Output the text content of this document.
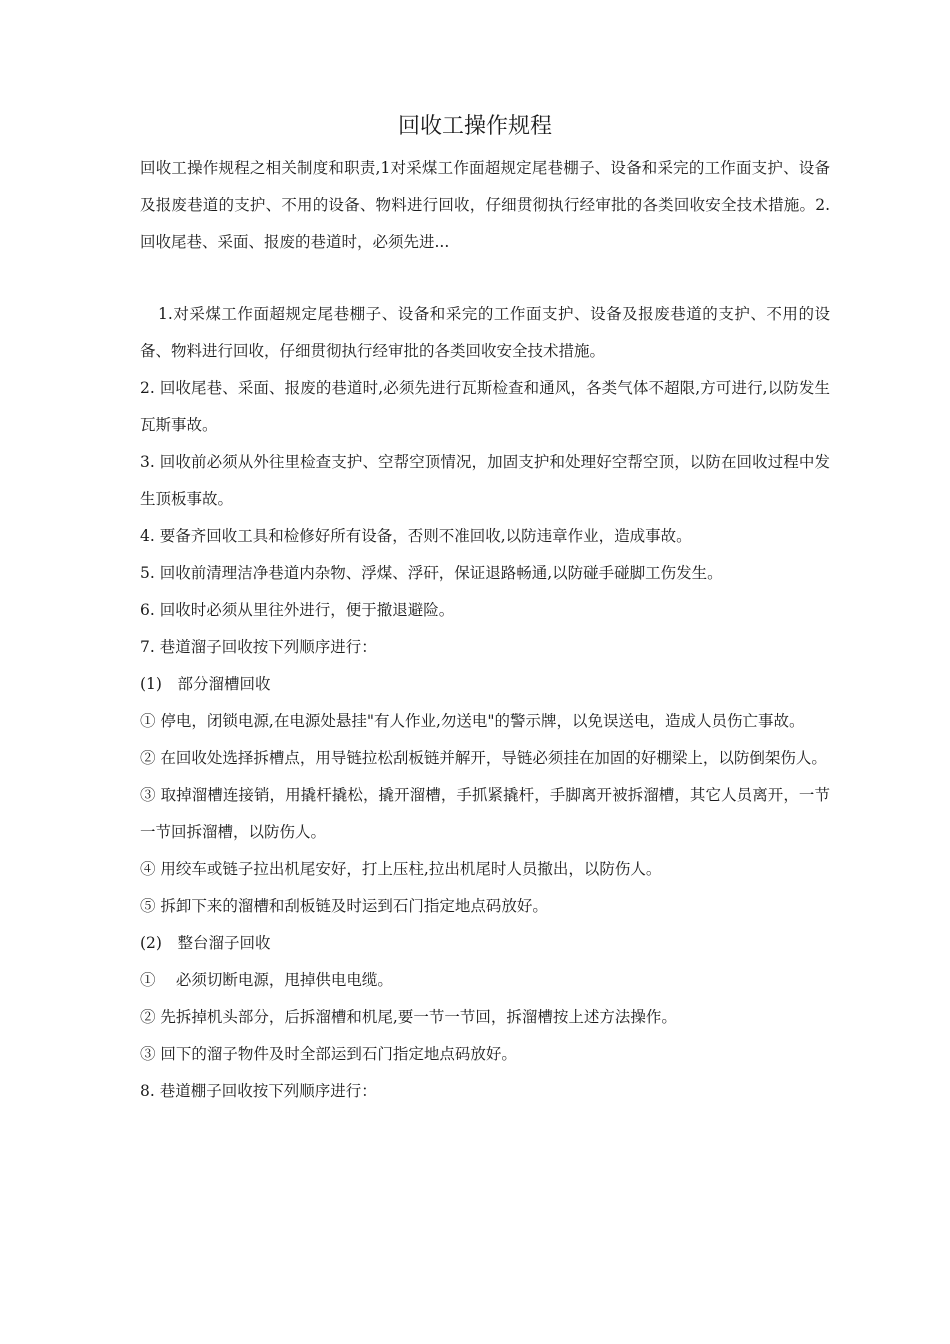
回收工操作规程

回收工操作规程之相关制度和职责,1对采煤工作面超规定尾巷棚子、设备和采完的工作面支护、设备及报废巷道的支护、不用的设备、物料进行回收，仔细贯彻执行经审批的各类回收安全技术措施。2.回收尾巷、采面、报废的巷道时，必须先进...

1.对采煤工作面超规定尾巷棚子、设备和采完的工作面支护、设备及报废巷道的支护、不用的设备、物料进行回收，仔细贯彻执行经审批的各类回收安全技术措施。

2. 回收尾巷、采面、报废的巷道时,必须先进行瓦斯检查和通风，各类气体不超限,方可进行,以防发生瓦斯事故。

3. 回收前必须从外往里检查支护、空帮空顶情况，加固支护和处理好空帮空顶，以防在回收过程中发生顶板事故。

4. 要备齐回收工具和检修好所有设备，否则不准回收,以防违章作业，造成事故。

5. 回收前清理洁净巷道内杂物、浮煤、浮矸，保证退路畅通,以防碰手碰脚工伤发生。

6. 回收时必须从里往外进行，便于撤退避险。

7. 巷道溜子回收按下列顺序进行：

(1)　部分溜槽回收

① 停电，闭锁电源,在电源处悬挂"有人作业,勿送电"的警示牌，以免误送电，造成人员伤亡事故。

② 在回收处选择拆槽点，用导链拉松刮板链并解开，导链必须挂在加固的好棚梁上，以防倒架伤人。

③ 取掉溜槽连接销，用撬杆撬松，撬开溜槽，手抓紧撬杆，手脚离开被拆溜槽，其它人员离开，一节一节回拆溜槽，以防伤人。

④ 用绞车或链子拉出机尾安好，打上压柱,拉出机尾时人员撤出，以防伤人。

⑤ 拆卸下来的溜槽和刮板链及时运到石门指定地点码放好。

(2)　整台溜子回收

①　 必须切断电源，甩掉供电电缆。

② 先拆掉机头部分，后拆溜槽和机尾,要一节一节回，拆溜槽按上述方法操作。

③ 回下的溜子物件及时全部运到石门指定地点码放好。

8. 巷道棚子回收按下列顺序进行：
